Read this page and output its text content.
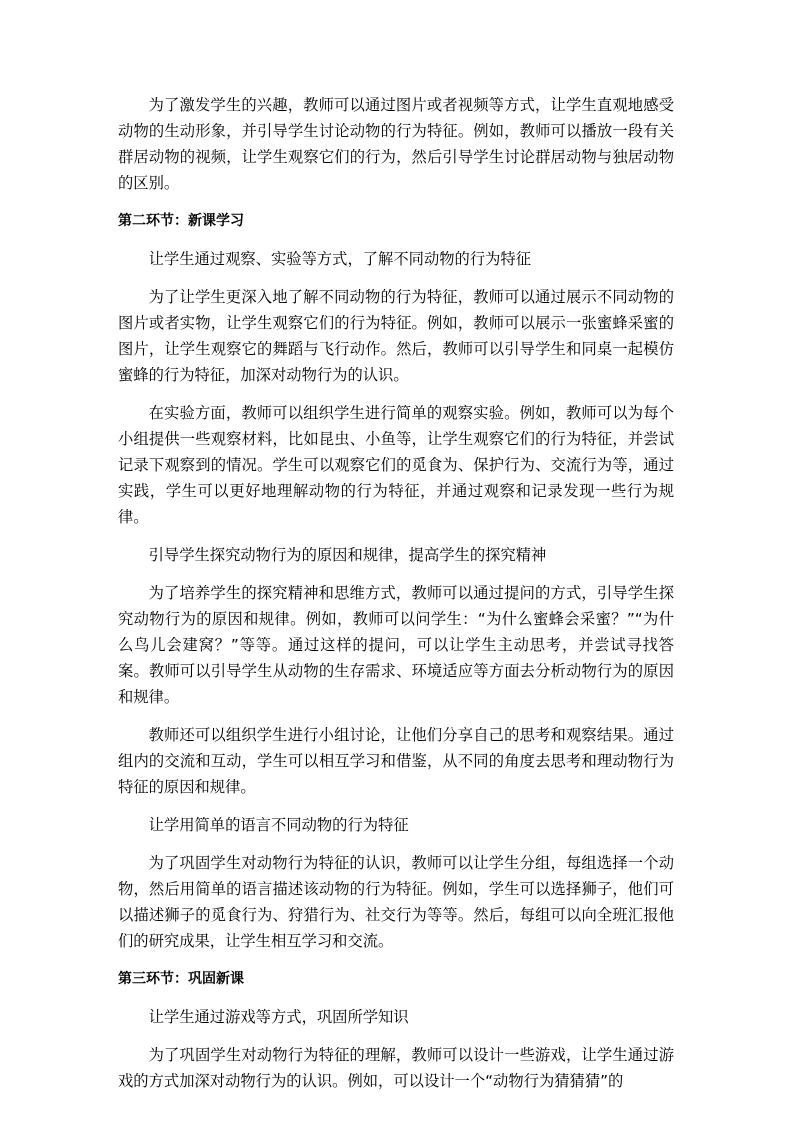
为了激发学生的兴趣，教师可以通过图片或者视频等方式，让学生直观地感受动物的生动形象，并引导学生讨论动物的行为特征。例如，教师可以播放一段有关群居动物的视频，让学生观察它们的行为，然后引导学生讨论群居动物与独居动物的区别。

第二环节：新课学习

让学生通过观察、实验等方式，了解不同动物的行为特征

为了让学生更深入地了解不同动物的行为特征，教师可以通过展示不同动物的图片或者实物，让学生观察它们的行为特征。例如，教师可以展示一张蜜蜂采蜜的图片，让学生观察它的舞蹈与飞行动作。然后，教师可以引导学生和同桌一起模仿蜜蜂的行为特征，加深对动物行为的认识。

在实验方面，教师可以组织学生进行简单的观察实验。例如，教师可以为每个小组提供一些观察材料，比如昆虫、小鱼等，让学生观察它们的行为特征，并尝试记录下观察到的情况。学生可以观察它们的觅食为、保护行为、交流行为等，通过实践，学生可以更好地理解动物的行为特征，并通过观察和记录发现一些行为规律。

引导学生探究动物行为的原因和规律，提高学生的探究精神

为了培养学生的探究精神和思维方式，教师可以通过提问的方式，引导学生探究动物行为的原因和规律。例如，教师可以问学生：“为什么蜜蜂会采蜜？”“为什么鸟儿会建窝？”等等。通过这样的提问，可以让学生主动思考，并尝试寻找答案。教师可以引导学生从动物的生存需求、环境适应等方面去分析动物行为的原因和规律。

教师还可以组织学生进行小组讨论，让他们分享自己的思考和观察结果。通过组内的交流和互动，学生可以相互学习和借鉴，从不同的角度去思考和理动物行为特征的原因和规律。

让学用简单的语言不同动物的行为特征

为了巩固学生对动物行为特征的认识，教师可以让学生分组，每组选择一个动物，然后用简单的语言描述该动物的行为特征。例如，学生可以选择狮子，他们可以描述狮子的觅食行为、狩猎行为、社交行为等等。然后，每组可以向全班汇报他们的研究成果，让学生相互学习和交流。

第三环节：巩固新课

让学生通过游戏等方式，巩固所学知识

为了巩固学生对动物行为特征的理解，教师可以设计一些游戏，让学生通过游戏的方式加深对动物行为的认识。例如，可以设计一个“动物行为猜猜猜”的
